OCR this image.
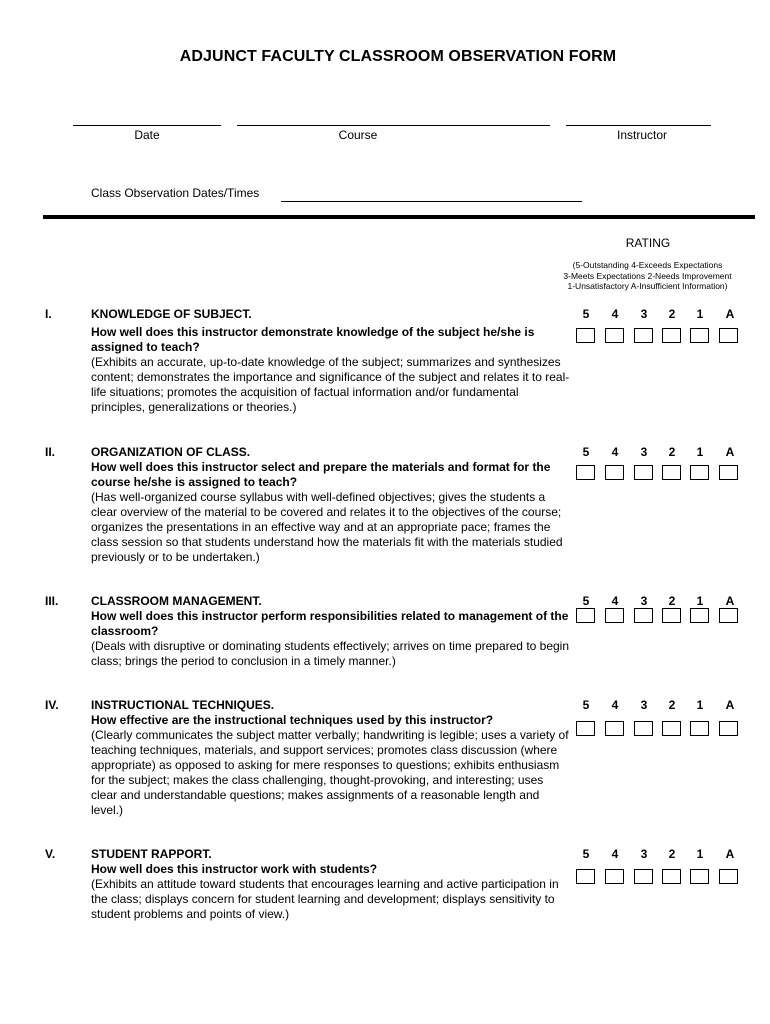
ADJUNCT FACULTY CLASSROOM OBSERVATION FORM
Date	Course	Instructor
Class Observation Dates/Times
RATING
(5-Outstanding 4-Exceeds Expectations
3-Meets Expectations 2-Needs Improvement
1-Unsatisfactory A-Insufficient Information)
I.	KNOWLEDGE OF SUBJECT.
How well does this instructor demonstrate knowledge of the subject he/she is assigned to teach?
(Exhibits an accurate, up-to-date knowledge of the subject; summarizes and synthesizes content; demonstrates the importance and significance of the subject and relates it to real-life situations; promotes the acquisition of factual information and/or fundamental principles, generalizations or theories.)
5	4	3	2	1	A
II.	ORGANIZATION OF CLASS.
How well does this instructor select and prepare the materials and format for the course he/she is assigned to teach?
(Has well-organized course syllabus with well-defined objectives; gives the students a clear overview of the material to be covered and relates it to the objectives of the course; organizes the presentations in an effective way and at an appropriate pace; frames the class session so that students understand how the materials fit with the materials studied previously or to be undertaken.)
5	4	3	2	1	A
III.	CLASSROOM MANAGEMENT.
How well does this instructor perform responsibilities related to management of the classroom?
(Deals with disruptive or dominating students effectively; arrives on time prepared to begin class; brings the period to conclusion in a timely manner.)
5	4	3	2	1	A
IV.	INSTRUCTIONAL TECHNIQUES.
How effective are the instructional techniques used by this instructor?
(Clearly communicates the subject matter verbally; handwriting is legible; uses a variety of teaching techniques, materials, and support services; promotes class discussion (where appropriate) as opposed to asking for mere responses to questions; exhibits enthusiasm for the subject; makes the class challenging, thought-provoking, and interesting; uses clear and understandable questions; makes assignments of a reasonable length and level.)
5	4	3	2	1	A
V.	STUDENT RAPPORT.
How well does this instructor work with students?
(Exhibits an attitude toward students that encourages learning and active participation in the class; displays concern for student learning and development; displays sensitivity to student problems and points of view.)
5	4	3	2	1	A
